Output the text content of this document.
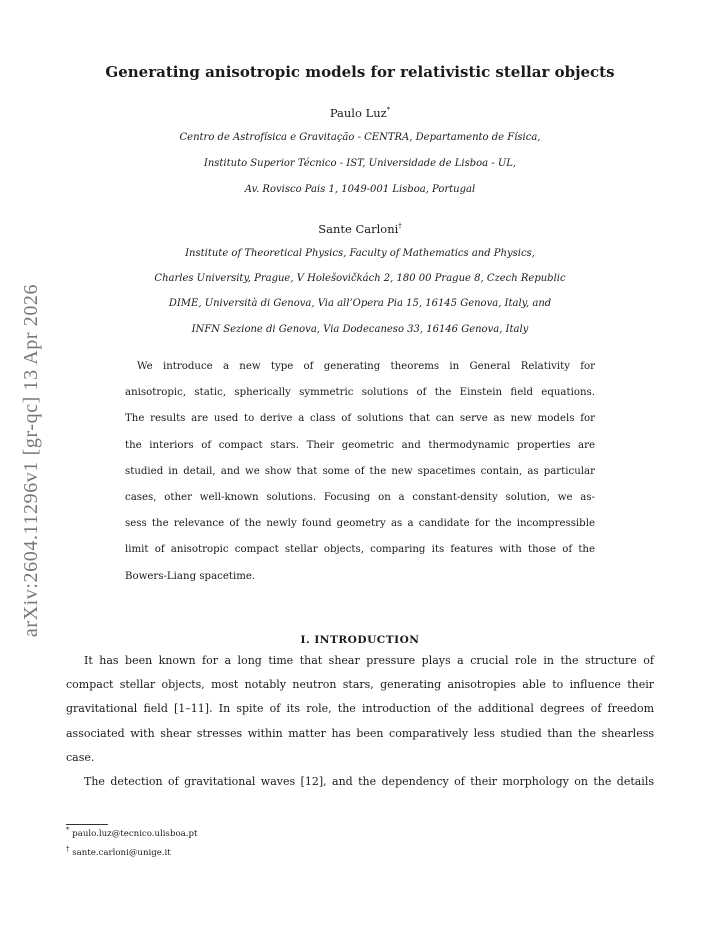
arXiv:2604.11296v1 [gr-qc] 13 Apr 2026
Generating anisotropic models for relativistic stellar objects
Paulo Luz*
Centro de Astrofísica e Gravitação - CENTRA, Departamento de Física,
Instituto Superior Técnico - IST, Universidade de Lisboa - UL,
Av. Rovisco Pais 1, 1049-001 Lisboa, Portugal
Sante Carloni†
Institute of Theoretical Physics, Faculty of Mathematics and Physics,
Charles University, Prague, V Holešovičkách 2, 180 00 Prague 8, Czech Republic
DIME, Università di Genova, Via all’Opera Pia 15, 16145 Genova, Italy, and
INFN Sezione di Genova, Via Dodecaneso 33, 16146 Genova, Italy
We introduce a new type of generating theorems in General Relativity for
anisotropic, static, spherically symmetric solutions of the Einstein field equations.
The results are used to derive a class of solutions that can serve as new models for
the interiors of compact stars. Their geometric and thermodynamic properties are
studied in detail, and we show that some of the new spacetimes contain, as particular
cases, other well-known solutions. Focusing on a constant-density solution, we as-
sess the relevance of the newly found geometry as a candidate for the incompressible
limit of anisotropic compact stellar objects, comparing its features with those of the
Bowers-Liang spacetime.
I. INTRODUCTION
It has been known for a long time that shear pressure plays a crucial role in the structure of
compact stellar objects, most notably neutron stars, generating anisotropies able to influence their
gravitational field [1–11]. In spite of its role, the introduction of the additional degrees of freedom
associated with shear stresses within matter has been comparatively less studied than the shearless
case.
The detection of gravitational waves [12], and the dependency of their morphology on the details
* paulo.luz@tecnico.ulisboa.pt
† sante.carloni@unige.it
